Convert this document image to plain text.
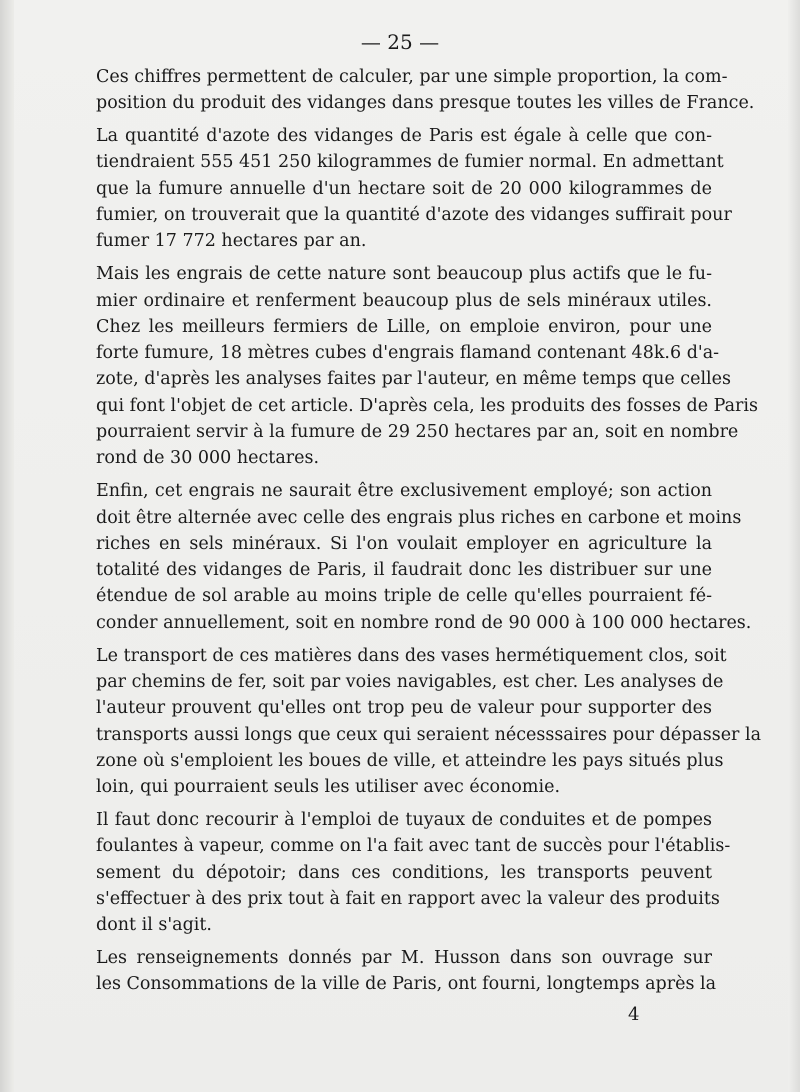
— 25 —

Ces chiffres permettent de calculer, par une simple proportion, la com-
position du produit des vidanges dans presque toutes les villes de France.

La quantité d'azote des vidanges de Paris est égale à celle que con-
tiendraient 555 451 250 kilogrammes de fumier normal. En admettant
que la fumure annuelle d'un hectare soit de 20 000 kilogrammes de
fumier, on trouverait que la quantité d'azote des vidanges suffirait pour
fumer 17 772 hectares par an.

Mais les engrais de cette nature sont beaucoup plus actifs que le fu-
mier ordinaire et renferment beaucoup plus de sels minéraux utiles.
Chez les meilleurs fermiers de Lille, on emploie environ, pour une
forte fumure, 18 mètres cubes d'engrais flamand contenant 48k.6 d'a-
zote, d'après les analyses faites par l'auteur, en même temps que celles
qui font l'objet de cet article. D'après cela, les produits des fosses de Paris
pourraient servir à la fumure de 29 250 hectares par an, soit en nombre
rond de 30 000 hectares.

Enfin, cet engrais ne saurait être exclusivement employé; son action
doit être alternée avec celle des engrais plus riches en carbone et moins
riches en sels minéraux. Si l'on voulait employer en agriculture la
totalité des vidanges de Paris, il faudrait donc les distribuer sur une
étendue de sol arable au moins triple de celle qu'elles pourraient fé-
conder annuellement, soit en nombre rond de 90 000 à 100 000 hectares.

Le transport de ces matières dans des vases hermétiquement clos, soit
par chemins de fer, soit par voies navigables, est cher. Les analyses de
l'auteur prouvent qu'elles ont trop peu de valeur pour supporter des
transports aussi longs que ceux qui seraient nécesssaires pour dépasser la
zone où s'emploient les boues de ville, et atteindre les pays situés plus
loin, qui pourraient seuls les utiliser avec économie.

Il faut donc recourir à l'emploi de tuyaux de conduites et de pompes
foulantes à vapeur, comme on l'a fait avec tant de succès pour l'établis-
sement du dépotoir; dans ces conditions, les transports peuvent
s'effectuer à des prix tout à fait en rapport avec la valeur des produits
dont il s'agit.

Les renseignements donnés par M. Husson dans son ouvrage sur
les Consommations de la ville de Paris, ont fourni, longtemps après la

4
